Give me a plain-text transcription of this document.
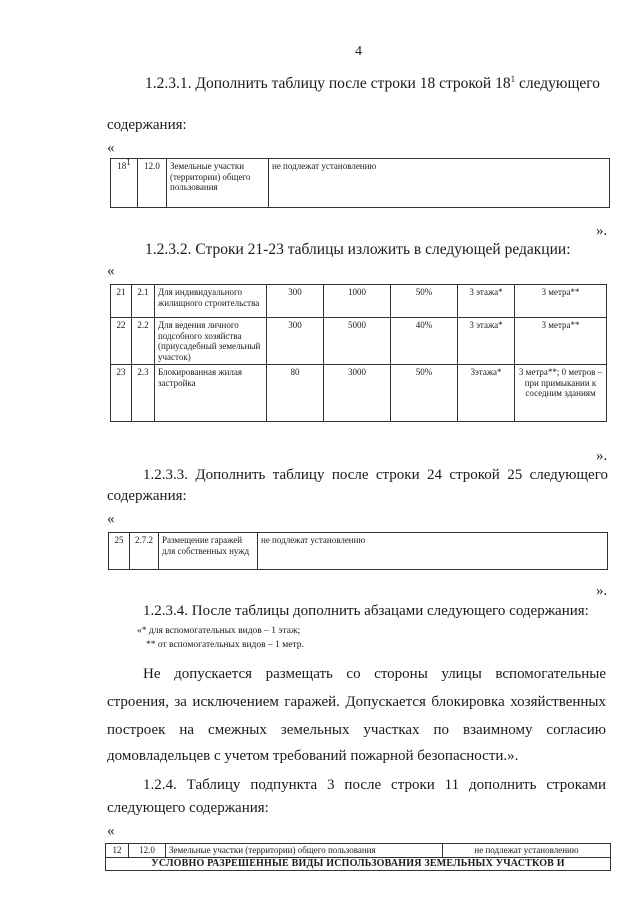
4
1.2.3.1. Дополнить таблицу после строки 18 строкой $18^1$ следующего
содержания:
«
$18^1$	12.0	Земельные участки (территории) общего пользования	не подлежат установлению
».
1.2.3.2. Строки 21-23 таблицы изложить в следующей редакции:
«
21	2.1	Для индивидуального жилищного строительства	300	1000	50%	3 этажа*	3 метра**
22	2.2	Для ведения личного подсобного хозяйства (приусадебный земельный участок)	300	5000	40%	3 этажа*	3 метра**
23	2.3	Блокированная жилая застройка	80	3000	50%	3этажа*	3 метра**; 0 метров – при примыкании к соседним зданиям
».
1.2.3.3. Дополнить таблицу после строки 24 строкой 25 следующего
содержания:
«
25	2.7.2	Размещение гаражей для собственных нужд	не подлежат установлению
».
1.2.3.4. После таблицы дополнить абзацами следующего содержания:
«* для вспомогательных видов – 1 этаж;
** от вспомогательных видов – 1 метр.
Не допускается размещать со стороны улицы вспомогательные
строения, за исключением гаражей. Допускается блокировка хозяйственных
построек на смежных земельных участках по взаимному согласию
домовладельцев с учетом требований пожарной безопасности.».
1.2.4. Таблицу подпункта 3 после строки 11 дополнить строками
следующего содержания:
«
12	12.0	Земельные участки (территории) общего пользования	не подлежат установлению
УСЛОВНО РАЗРЕШЕННЫЕ ВИДЫ ИСПОЛЬЗОВАНИЯ ЗЕМЕЛЬНЫХ УЧАСТКОВ И
